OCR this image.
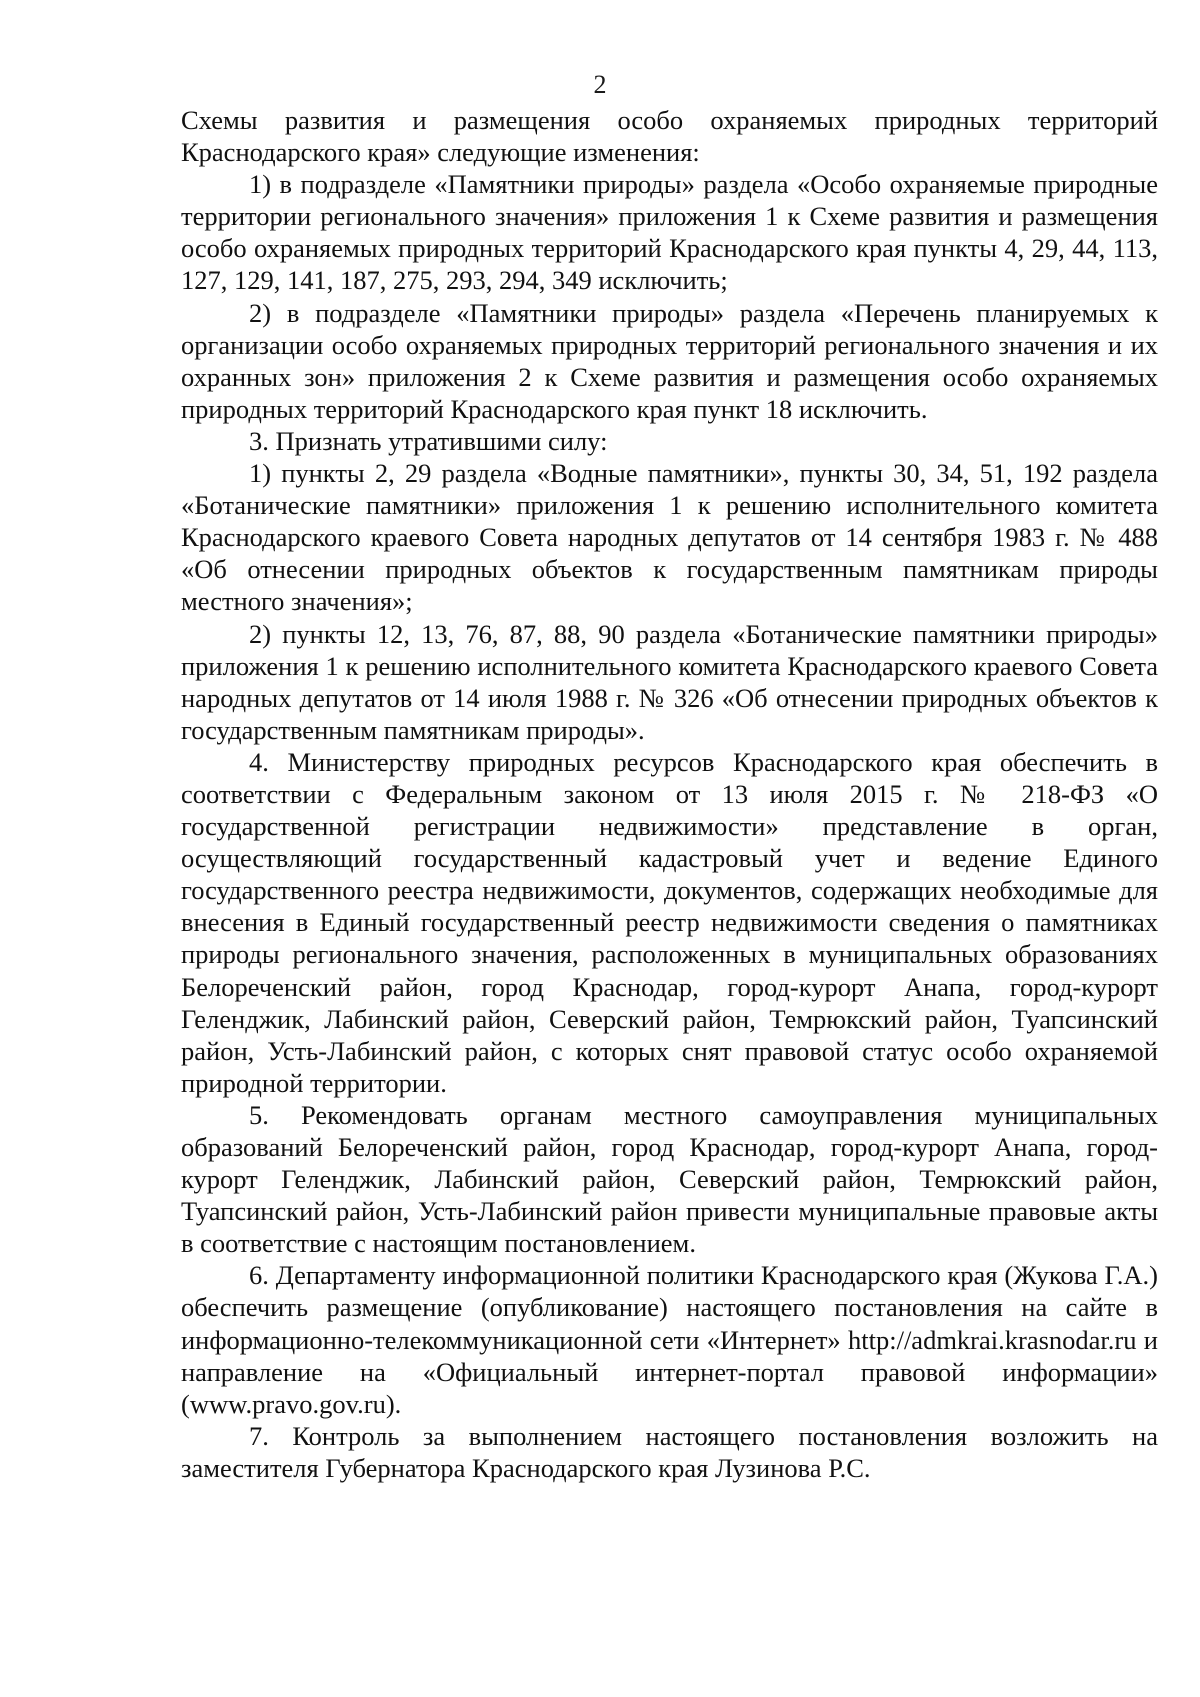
2

Схемы развития и размещения особо охраняемых природных территорий Краснодарского края» следующие изменения:

1) в подразделе «Памятники природы» раздела «Особо охраняемые природные территории регионального значения» приложения 1 к Схеме развития и размещения особо охраняемых природных территорий Краснодарского края пункты 4, 29, 44, 113, 127, 129, 141, 187, 275, 293, 294, 349 исключить;

2) в подразделе «Памятники природы» раздела «Перечень планируемых к организации особо охраняемых природных территорий регионального значения и их охранных зон» приложения 2 к Схеме развития и размещения особо охраняемых природных территорий Краснодарского края пункт 18 исключить.

3. Признать утратившими силу:

1) пункты 2, 29 раздела «Водные памятники», пункты 30, 34, 51, 192 раздела «Ботанические памятники» приложения 1 к решению исполнительного комитета Краснодарского краевого Совета народных депутатов от 14 сентября 1983 г. № 488 «Об отнесении природных объектов к государственным памятникам природы местного значения»;

2) пункты 12, 13, 76, 87, 88, 90 раздела «Ботанические памятники природы» приложения 1 к решению исполнительного комитета Краснодарского краевого Совета народных депутатов от 14 июля 1988 г. № 326 «Об отнесении природных объектов к государственным памятникам природы».

4. Министерству природных ресурсов Краснодарского края обеспечить в соответствии с Федеральным законом от 13 июля 2015 г. № 218-ФЗ «О государственной регистрации недвижимости» представление в орган, осуществляющий государственный кадастровый учет и ведение Единого государственного реестра недвижимости, документов, содержащих необходимые для внесения в Единый государственный реестр недвижимости сведения о памятниках природы регионального значения, расположенных в муниципальных образованиях Белореченский район, город Краснодар, город-курорт Анапа, город-курорт Геленджик, Лабинский район, Северский район, Темрюкский район, Туапсинский район, Усть-Лабинский район, с которых снят правовой статус особо охраняемой природной территории.

5. Рекомендовать органам местного самоуправления муниципальных образований Белореченский район, город Краснодар, город-курорт Анапа, город-курорт Геленджик, Лабинский район, Северский район, Темрюкский район, Туапсинский район, Усть-Лабинский район привести муниципальные правовые акты в соответствие с настоящим постановлением.

6. Департаменту информационной политики Краснодарского края (Жукова Г.А.) обеспечить размещение (опубликование) настоящего постановления на сайте в информационно-телекоммуникационной сети «Интернет» http://admkrai.krasnodar.ru и направление на «Официальный интернет-портал правовой информации» (www.pravo.gov.ru).

7. Контроль за выполнением настоящего постановления возложить на заместителя Губернатора Краснодарского края Лузинова Р.С.
